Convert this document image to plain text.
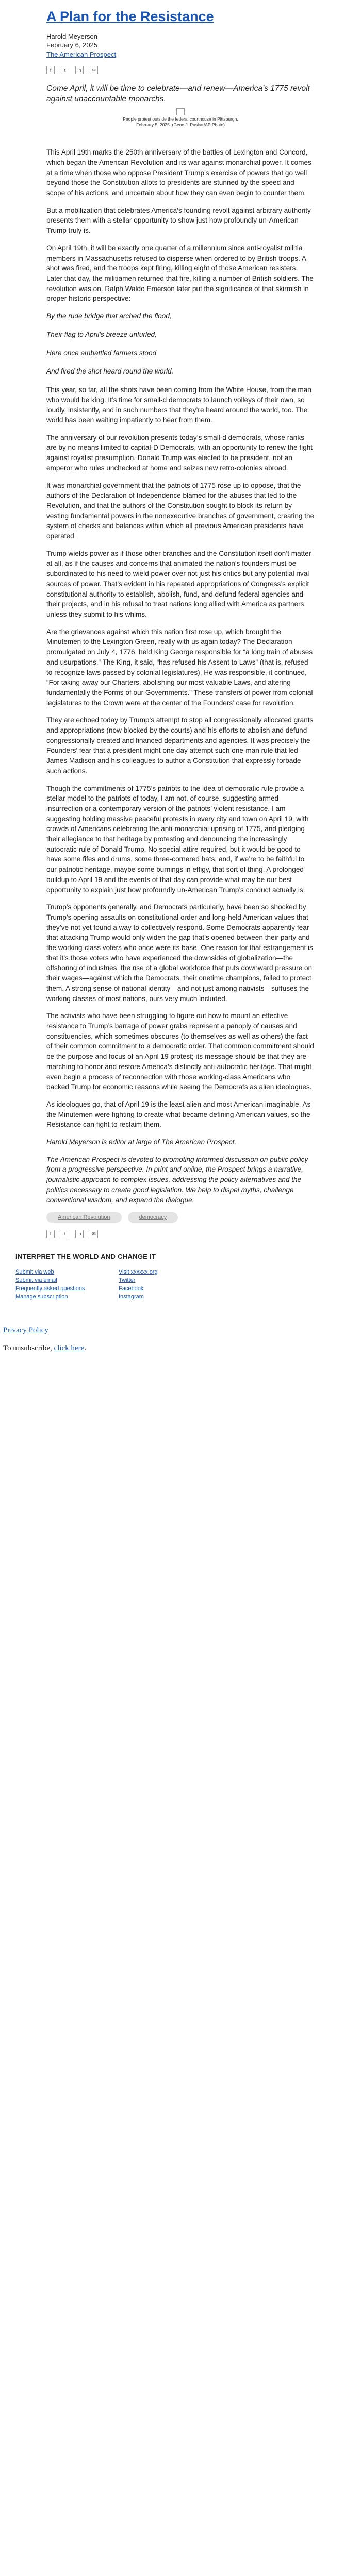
A Plan for the Resistance
Harold Meyerson
February 6, 2025
The American Prospect
f	t	in	✉

Come April, it will be time to celebrate—and renew—America’s 1775 revolt against unaccountable monarchs.

People protest outside the federal courthouse in Pittsburgh, February 5, 2025. (Gene J. Puskar/AP Photo)

This April 19th marks the 250th anniversary of the battles of Lexington and Concord, which began the American Revolution and its war against monarchial power. It comes at a time when those who oppose President Trump’s exercise of powers that go well beyond those the Constitution allots to presidents are stunned by the speed and scope of his actions, and uncertain about how they can even begin to counter them.

But a mobilization that celebrates America’s founding revolt against arbitrary authority presents them with a stellar opportunity to show just how profoundly un-American Trump truly is.

On April 19th, it will be exactly one quarter of a millennium since anti-royalist militia members in Massachusetts refused to disperse when ordered to by British troops. A shot was fired, and the troops kept firing, killing eight of those American resisters. Later that day, the militiamen returned that fire, killing a number of British soldiers. The revolution was on. Ralph Waldo Emerson later put the significance of that skirmish in proper historic perspective:

By the rude bridge that arched the flood,

Their flag to April’s breeze unfurled,

Here once embattled farmers stood

And fired the shot heard round the world.

This year, so far, all the shots have been coming from the White House, from the man who would be king. It’s time for small-d democrats to launch volleys of their own, so loudly, insistently, and in such numbers that they’re heard around the world, too. The world has been waiting impatiently to hear from them.

The anniversary of our revolution presents today’s small-d democrats, whose ranks are by no means limited to capital-D Democrats, with an opportunity to renew the fight against royalist presumption. Donald Trump was elected to be president, not an emperor who rules unchecked at home and seizes new retro-colonies abroad.

It was monarchial government that the patriots of 1775 rose up to oppose, that the authors of the Declaration of Independence blamed for the abuses that led to the Revolution, and that the authors of the Constitution sought to block its return by vesting fundamental powers in the nonexecutive branches of government, creating the system of checks and balances within which all previous American presidents have operated.

Trump wields power as if those other branches and the Constitution itself don’t matter at all, as if the causes and concerns that animated the nation’s founders must be subordinated to his need to wield power over not just his critics but any potential rival sources of power. That’s evident in his repeated appropriations of Congress’s explicit constitutional authority to establish, abolish, fund, and defund federal agencies and their projects, and in his refusal to treat nations long allied with America as partners unless they submit to his whims.

Are the grievances against which this nation first rose up, which brought the Minutemen to the Lexington Green, really with us again today? The Declaration promulgated on July 4, 1776, held King George responsible for “a long train of abuses and usurpations.” The King, it said, “has refused his Assent to Laws” (that is, refused to recognize laws passed by colonial legislatures). He was responsible, it continued, “For taking away our Charters, abolishing our most valuable Laws, and altering fundamentally the Forms of our Governments.” These transfers of power from colonial legislatures to the Crown were at the center of the Founders’ case for revolution.

They are echoed today by Trump’s attempt to stop all congressionally allocated grants and appropriations (now blocked by the courts) and his efforts to abolish and defund congressionally created and financed departments and agencies. It was precisely the Founders’ fear that a president might one day attempt such one-man rule that led James Madison and his colleagues to author a Constitution that expressly forbade such actions.

Though the commitments of 1775’s patriots to the idea of democratic rule provide a stellar model to the patriots of today, I am not, of course, suggesting armed insurrection or a contemporary version of the patriots’ violent resistance. I am suggesting holding massive peaceful protests in every city and town on April 19, with crowds of Americans celebrating the anti-monarchial uprising of 1775, and pledging their allegiance to that heritage by protesting and denouncing the increasingly autocratic rule of Donald Trump. No special attire required, but it would be good to have some fifes and drums, some three-cornered hats, and, if we’re to be faithful to our patriotic heritage, maybe some burnings in effigy, that sort of thing. A prolonged buildup to April 19 and the events of that day can provide what may be our best opportunity to explain just how profoundly un-American Trump’s conduct actually is.

Trump’s opponents generally, and Democrats particularly, have been so shocked by Trump’s opening assaults on constitutional order and long-held American values that they’ve not yet found a way to collectively respond. Some Democrats apparently fear that attacking Trump would only widen the gap that’s opened between their party and the working-class voters who once were its base. One reason for that estrangement is that it’s those voters who have experienced the downsides of globalization—the offshoring of industries, the rise of a global workforce that puts downward pressure on their wages—against which the Democrats, their onetime champions, failed to protect them. A strong sense of national identity—and not just among nativists—suffuses the working classes of most nations, ours very much included.

The activists who have been struggling to figure out how to mount an effective resistance to Trump’s barrage of power grabs represent a panoply of causes and constituencies, which sometimes obscures (to themselves as well as others) the fact of their common commitment to a democratic order. That common commitment should be the purpose and focus of an April 19 protest; its message should be that they are marching to honor and restore America’s distinctly anti-autocratic heritage. That might even begin a process of reconnection with those working-class Americans who backed Trump for economic reasons while seeing the Democrats as alien ideologues.

As ideologues go, that of April 19 is the least alien and most American imaginable. As the Minutemen were fighting to create what became defining American values, so the Resistance can fight to reclaim them.

Harold Meyerson is editor at large of The American Prospect.

The American Prospect is devoted to promoting informed discussion on public policy from a progressive perspective. In print and online, the Prospect brings a narrative, journalistic approach to complex issues, addressing the policy alternatives and the politics necessary to create good legislation. We help to dispel myths, challenge conventional wisdom, and expand the dialogue.

American Revolution	democracy
f	t	in	✉
INTERPRET THE WORLD AND CHANGE IT
Submit via web
Submit via email
Frequently asked questions
Manage subscription
Visit xxxxxx.org
Twitter
Facebook
Instagram
Privacy Policy
To unsubscribe, click here.
